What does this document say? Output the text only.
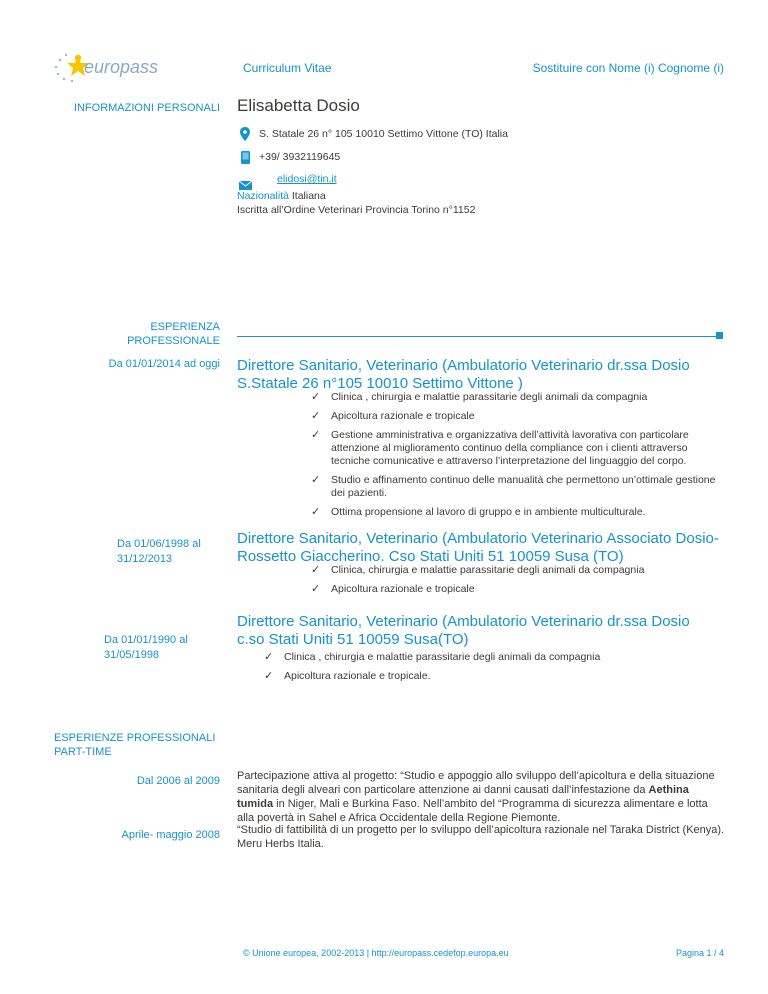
europass	Curriculum Vitae	Sostituire con Nome (i) Cognome (i)
INFORMAZIONI PERSONALI Elisabetta Dosio
S. Statale 26 n° 105 10010 Settimo Vittone (TO) Italia
+39/ 3932119645
elidosi@tin.it
Nazionalità Italiana
Iscritta all’Ordine Veterinari Provincia Torino n°1152
ESPERIENZA
PROFESSIONALE
Da 01/01/2014 ad oggi Direttore Sanitario, Veterinario (Ambulatorio Veterinario dr.ssa Dosio S.Statale 26 n°105 10010 Settimo Vittone )
✓ Clinica , chirurgia e malattie parassitarie degli animali da compagnia
✓ Apicoltura razionale e tropicale
✓ Gestione amministrativa e organizzativa dell’attività lavorativa con particolare attenzione al miglioramento continuo della compliance con i clienti attraverso tecniche comunicative e attraverso l’interpretazione del linguaggio del corpo.
✓ Studio e affinamento continuo delle manualità che permettono un’ottimale gestione dei pazienti.
✓ Ottima propensione al lavoro di gruppo e in ambiente multiculturale.
Da 01/06/1998 al
31/12/2013
Direttore Sanitario, Veterinario (Ambulatorio Veterinario Associato Dosio- Rossetto Giaccherino. Cso Stati Uniti 51 10059 Susa (TO)
✓ Clinica, chirurgia e malattie parassitarie degli animali da compagnia
✓ Apicoltura razionale e tropicale
Da 01/01/1990 al
31/05/1998
Direttore Sanitario, Veterinario (Ambulatorio Veterinario dr.ssa Dosio c.so Stati Uniti 51 10059 Susa(TO)
✓ Clinica , chirurgia e malattie parassitarie degli animali da compagnia
✓ Apicoltura razionale e tropicale.
ESPERIENZE PROFESSIONALI
PART-TIME
Dal 2006 al 2009 Partecipazione attiva al progetto: “Studio e appoggio allo sviluppo dell’apicoltura e della situazione sanitaria degli alveari con particolare attenzione ai danni causati dall’infestazione da Aethina tumida in Niger, Mali e Burkina Faso. Nell’ambito del “Programma di sicurezza alimentare e lotta alla povertà in Sahel e Africa Occidentale della Regione Piemonte.
Aprile- maggio 2008 “Studio di fattibilità di un progetto per lo sviluppo dell’apicoltura razionale nel Taraka District (Kenya). Meru Herbs Italia.
© Unione europea, 2002-2013 | http://europass.cedefop.europa.eu	Pagina 1 / 4
